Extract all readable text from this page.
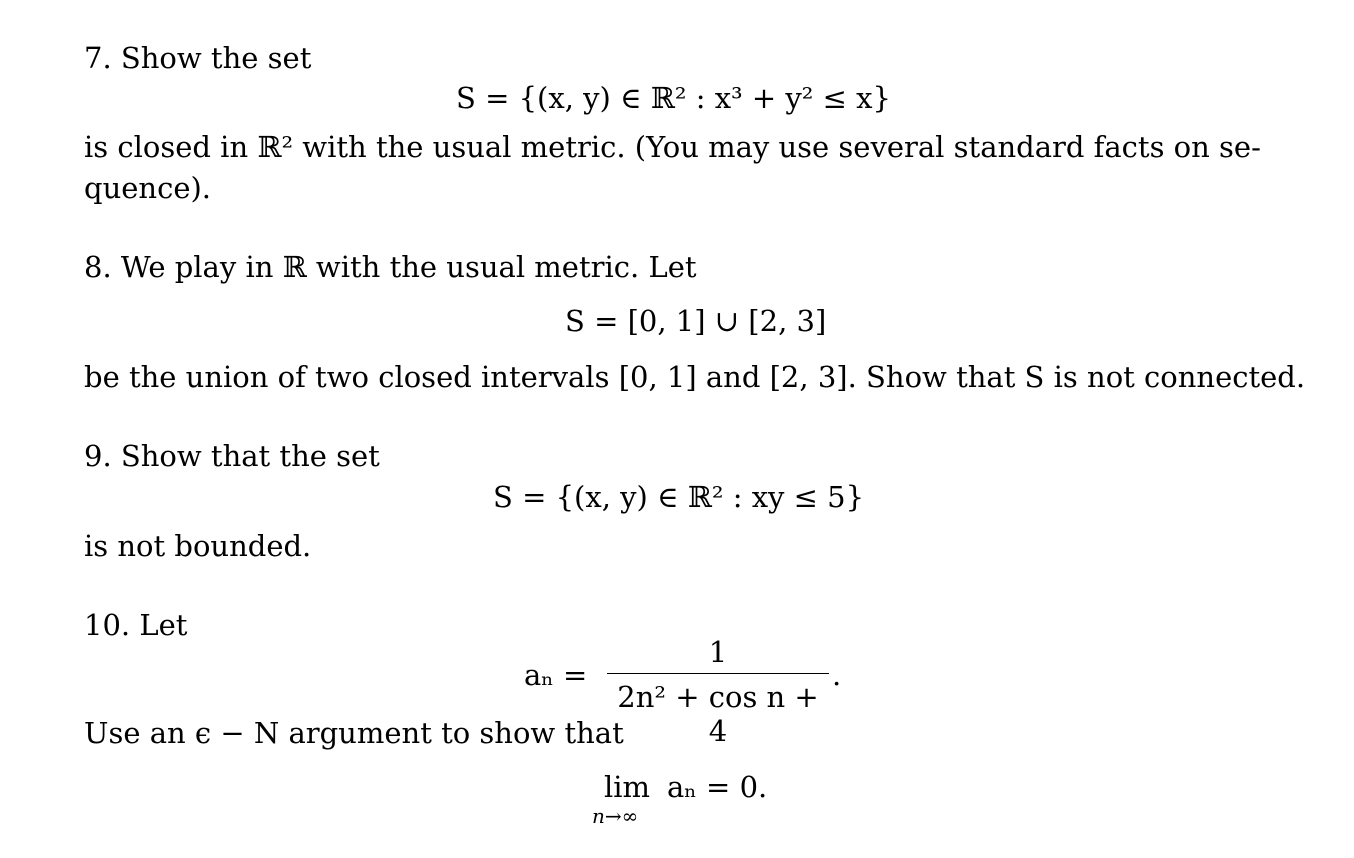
7. Show the set
S = {(x, y) ∈ ℝ² : x³ + y² ≤ x}
is closed in ℝ² with the usual metric. (You may use several standard facts on se-
quence).
8. We play in ℝ with the usual metric. Let
S = [0, 1] ∪ [2, 3]
be the union of two closed intervals [0, 1] and [2, 3]. Show that S is not connected.
9. Show that the set
S = {(x, y) ∈ ℝ² : xy ≤ 5}
is not bounded.
10. Let
aₙ =
1
2n² + cos n + 4
.
Use an ϵ − N argument to show that
lim
n→∞
aₙ = 0.
